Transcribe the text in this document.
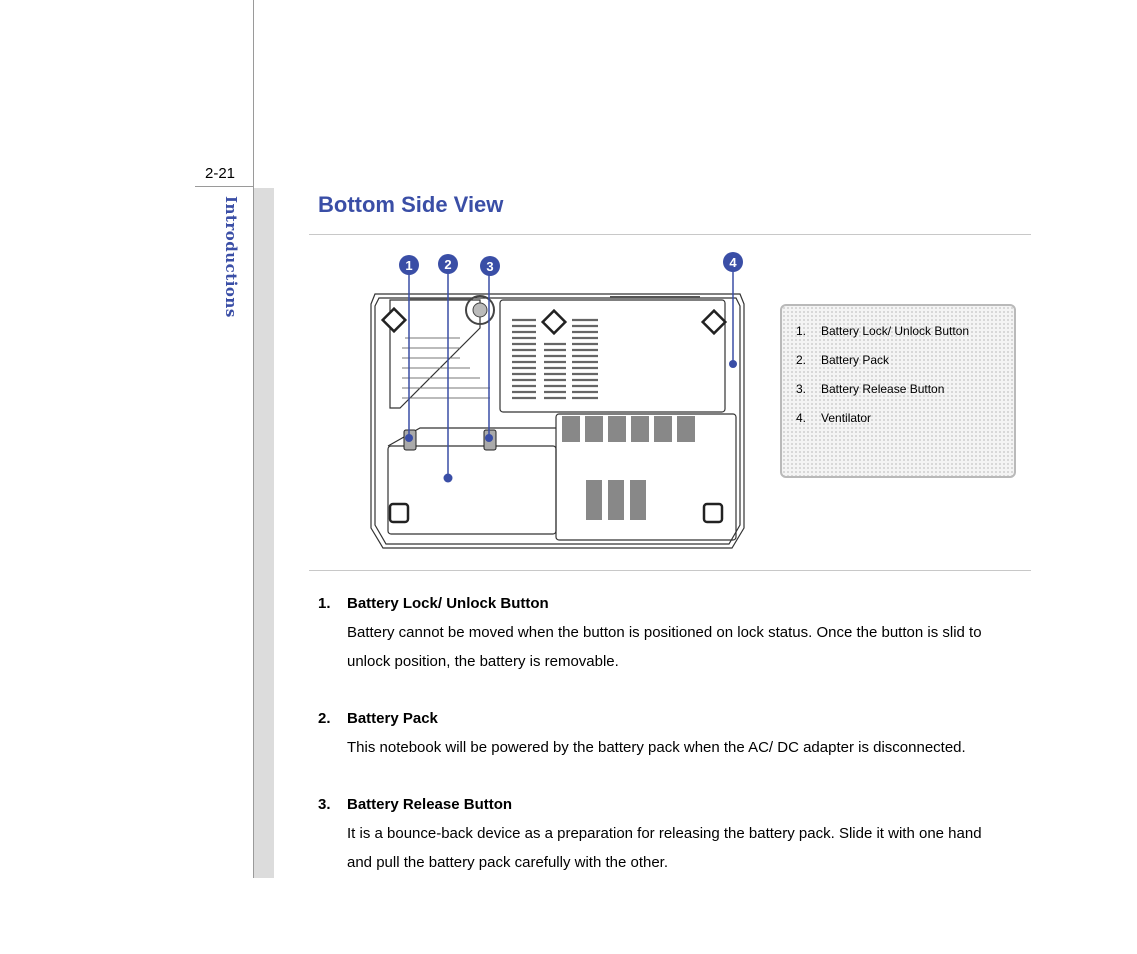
2-21
Introductions	Bottom Side View
1 2	3	4
1.	Battery Lock/ Unlock Button
2.	Battery Pack
3.	Battery Release Button
4.	Ventilator
1.	Battery Lock/ Unlock Button
Battery cannot be moved when the button is positioned on lock status. Once the button is slid to
unlock position, the battery is removable.
2.	Battery Pack
This notebook will be powered by the battery pack when the AC/ DC adapter is disconnected.
3.	Battery Release Button
It is a bounce-back device as a preparation for releasing the battery pack. Slide it with one hand
and pull the battery pack carefully with the other.
